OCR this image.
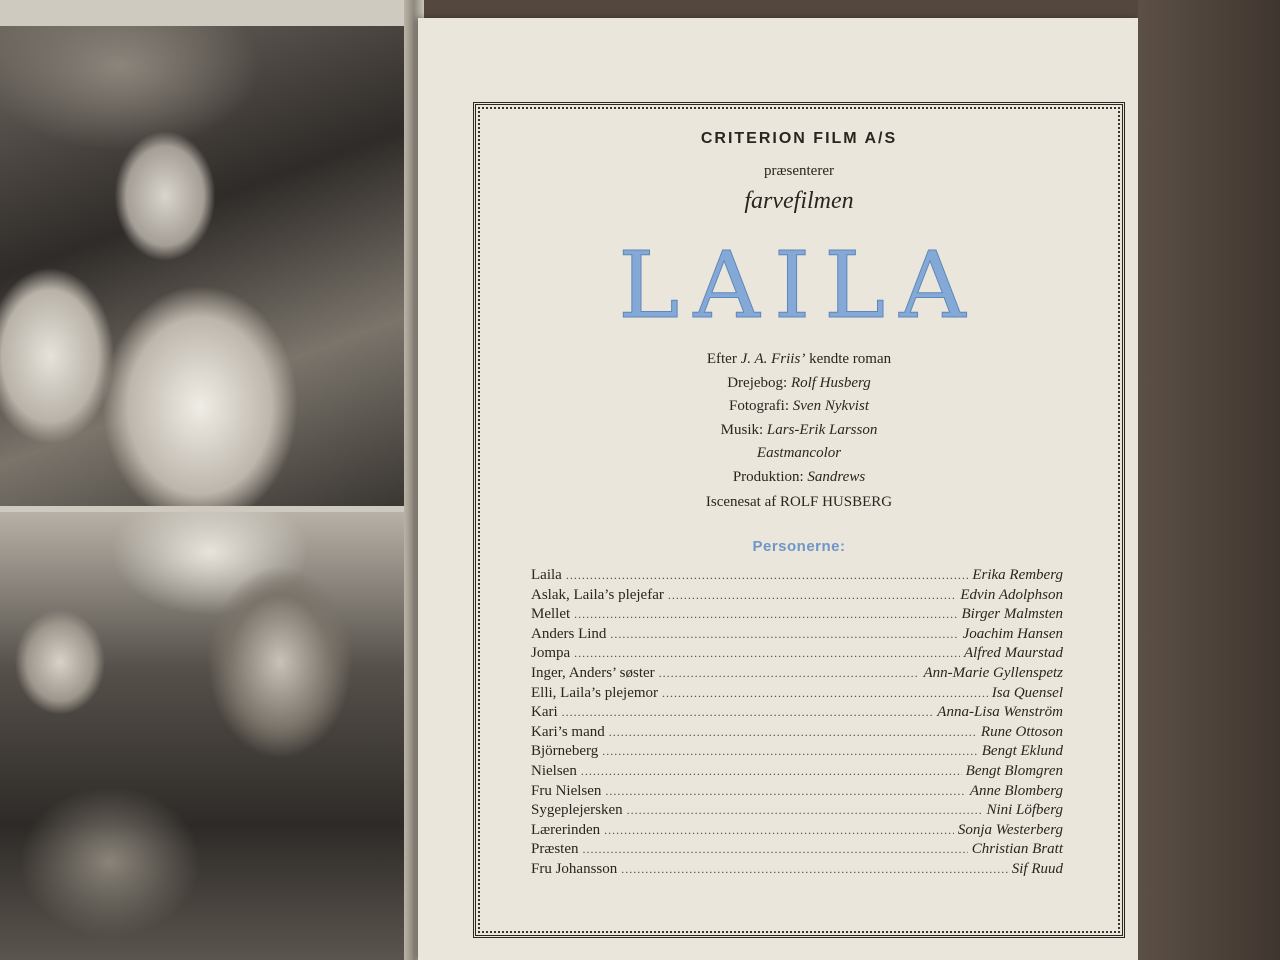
CRITERION FILM A/S
præsenterer
farvefilmen
LAILA
Efter J. A. Friis’ kendte roman
Drejebog: Rolf Husberg
Fotografi: Sven Nykvist
Musik: Lars-Erik Larsson
Eastmancolor
Produktion: Sandrews
Iscenesat af ROLF HUSBERG
Personerne:
Laila .....	Erika Remberg
Aslak, Laila’s plejefar .....	Edvin Adolphson
Mellet .....	Birger Malmsten
Anders Lind .....	Joachim Hansen
Jompa .....	Alfred Maurstad
Inger, Anders’ søster .....	Ann-Marie Gyllenspetz
Elli, Laila’s plejemor .....	Isa Quensel
Kari .....	Anna-Lisa Wenström
Kari’s mand .....	Rune Ottoson
Björneberg .....	Bengt Eklund
Nielsen .....	Bengt Blomgren
Fru Nielsen .....	Anne Blomberg
Sygeplejersken .....	Nini Löfberg
Lærerinden .....	Sonja Westerberg
Præsten .....	Christian Bratt
Fru Johansson .....	Sif Ruud
